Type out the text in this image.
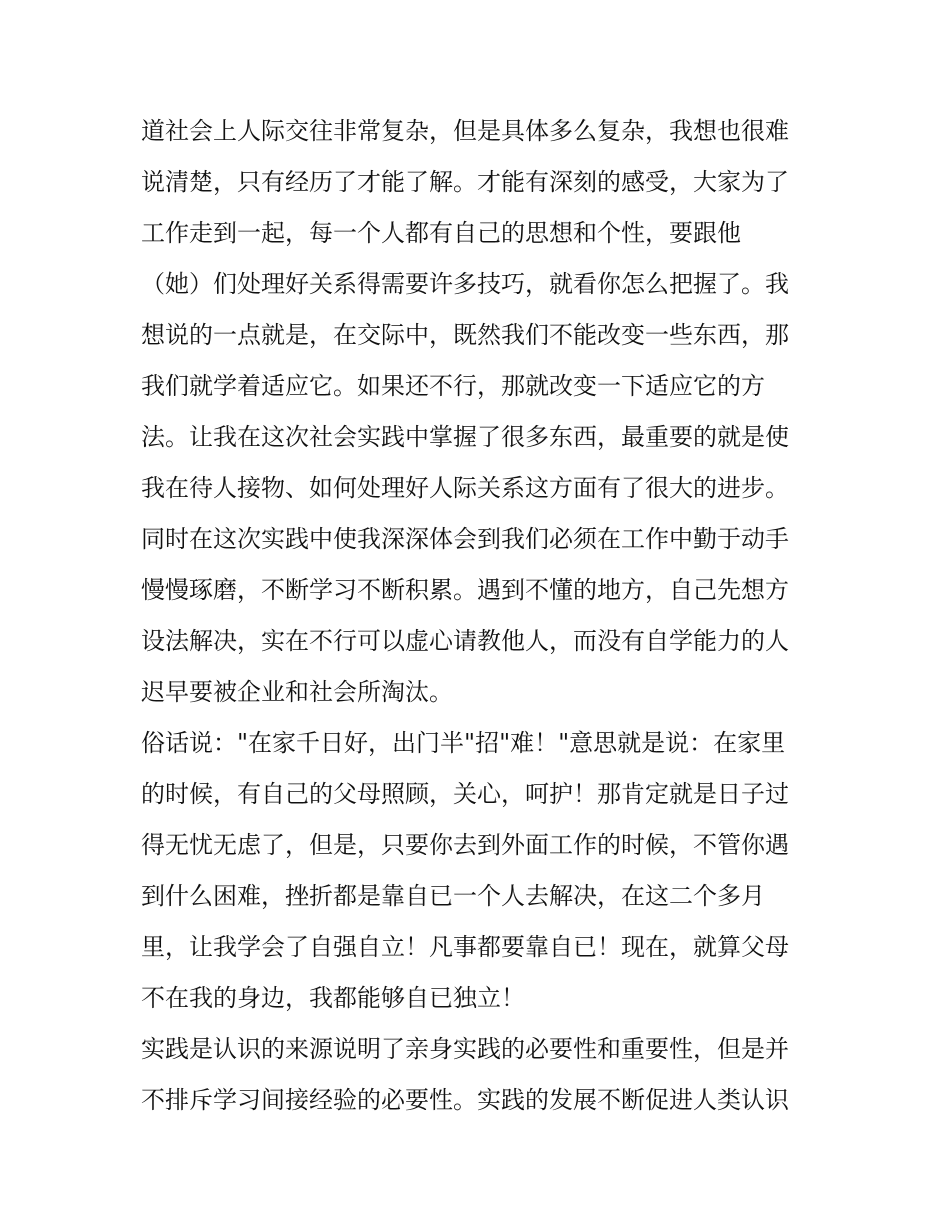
道社会上人际交往非常复杂，但是具体多么复杂，我想也很难
说清楚，只有经历了才能了解。才能有深刻的感受，大家为了
工作走到一起，每一个人都有自己的思想和个性，要跟他
（她）们处理好关系得需要许多技巧，就看你怎么把握了。我
想说的一点就是，在交际中，既然我们不能改变一些东西，那
我们就学着适应它。如果还不行，那就改变一下适应它的方
法。让我在这次社会实践中掌握了很多东西，最重要的就是使
我在待人接物、如何处理好人际关系这方面有了很大的进步。
同时在这次实践中使我深深体会到我们必须在工作中勤于动手
慢慢琢磨，不断学习不断积累。遇到不懂的地方，自己先想方
设法解决，实在不行可以虚心请教他人，而没有自学能力的人
迟早要被企业和社会所淘汰。
俗话说："在家千日好，出门半"招"难！"意思就是说：在家里
的时候，有自己的父母照顾，关心，呵护！那肯定就是日子过
得无忧无虑了，但是，只要你去到外面工作的时候，不管你遇
到什么困难，挫折都是靠自已一个人去解决，在这二个多月
里，让我学会了自强自立！凡事都要靠自已！现在，就算父母
不在我的身边，我都能够自已独立！
实践是认识的来源说明了亲身实践的必要性和重要性，但是并
不排斥学习间接经验的必要性。实践的发展不断促进人类认识
